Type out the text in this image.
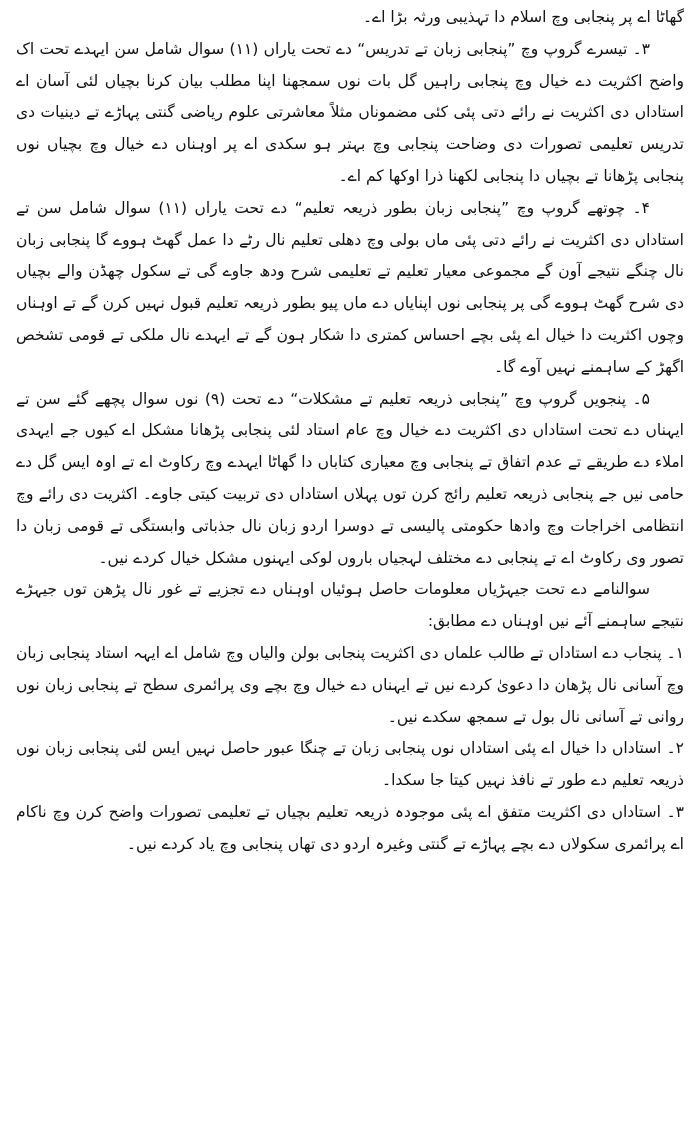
گھاٹا اے پر پنجابی وچ اسلام دا تہذیبی ورثہ بڑا اے۔

۳۔ تیسرے گروپ وچ ”پنجابی زبان تے تدریس“ دے تحت یاراں (۱۱) سوال شامل سن ایہدے تحت اک واضح اکثریت دے خیال وچ پنجابی راہیں گل بات نوں سمجھنا اپنا مطلب بیان کرنا بچیاں لئی آسان اے استاداں دی اکثریت نے رائے دتی پئی کئی مضموناں مثلاً معاشرتی علوم ریاضی گنتی پہاڑے تے دینیات دی تدریس تعلیمی تصورات دی وضاحت پنجابی وچ بہتر ہو سکدی اے پر اوہناں دے خیال وچ بچیاں نوں پنجابی پڑھانا تے بچیاں دا پنجابی لکھنا ذرا اوکھا کم اے۔

۴۔ چوتھے گروپ وچ ”پنجابی زبان بطور ذریعہ تعلیم“ دے تحت یاراں (۱۱) سوال شامل سن تے استاداں دی اکثریت نے رائے دتی پئی ماں بولی وچ دھلی تعلیم نال رٹے دا عمل گھٹ ہووے گا پنجابی زبان نال چنگے نتیجے آون گے مجموعی معیار تعلیم تے تعلیمی شرح ودھ جاوے گی تے سکول چھڈن والے بچیاں دی شرح گھٹ ہووے گی پر پنجابی نوں اپنایاں دے ماں پیو بطور ذریعہ تعلیم قبول نہیں کرن گے تے اوہناں وچوں اکثریت دا خیال اے پئی بچے احساس کمتری دا شکار ہون گے تے ایہدے نال ملکی تے قومی تشخص اگھڑ کے ساہمنے نہیں آوے گا۔

۵۔ پنجویں گروپ وچ ”پنجابی ذریعہ تعلیم تے مشکلات“ دے تحت (۹) نوں سوال پچھے گئے سن تے ایہناں دے تحت استاداں دی اکثریت دے خیال وچ عام استاد لئی پنجابی پڑھانا مشکل اے کیوں جے ایہدی املاء دے طریقے تے عدم اتفاق تے پنجابی وچ معیاری کتاباں دا گھاٹا ایہدے وچ رکاوٹ اے تے اوہ ایس گل دے حامی نیں جے پنجابی ذریعہ تعلیم رائج کرن توں پہلاں استاداں دی تربیت کیتی جاوے۔ اکثریت دی رائے وچ انتظامی اخراجات وچ وادھا حکومتی پالیسی تے دوسرا اردو زبان نال جذباتی وابستگی تے قومی زبان دا تصور وی رکاوٹ اے تے پنجابی دے مختلف لہجیاں باروں لوکی ایہنوں مشکل خیال کردے نیں۔

سوالنامے دے تحت جیہڑیاں معلومات حاصل ہوئیاں اوہناں دے تجزیے تے غور نال پڑھن توں جیہڑے نتیجے ساہمنے آئے نیں اوہناں دے مطابق:

۱۔ پنجاب دے استاداں تے طالب علماں دی اکثریت پنجابی بولن والیاں وچ شامل اے ایہہ استاد پنجابی زبان وچ آسانی نال پڑھان دا دعویٰ کردے نیں تے ایہناں دے خیال وچ بچے وی پرائمری سطح تے پنجابی زبان نوں روانی تے آسانی نال بول تے سمجھ سکدے نیں۔

۲۔ استاداں دا خیال اے پئی استاداں نوں پنجابی زبان تے چنگا عبور حاصل نہیں ایس لئی پنجابی زبان نوں ذریعہ تعلیم دے طور تے نافذ نہیں کیتا جا سکدا۔

۳۔ استاداں دی اکثریت متفق اے پئی موجودہ ذریعہ تعلیم بچیاں تے تعلیمی تصورات واضح کرن وچ ناکام اے پرائمری سکولاں دے بچے پہاڑے تے گنتی وغیرہ اردو دی تھاں پنجابی وچ یاد کردے نیں۔
